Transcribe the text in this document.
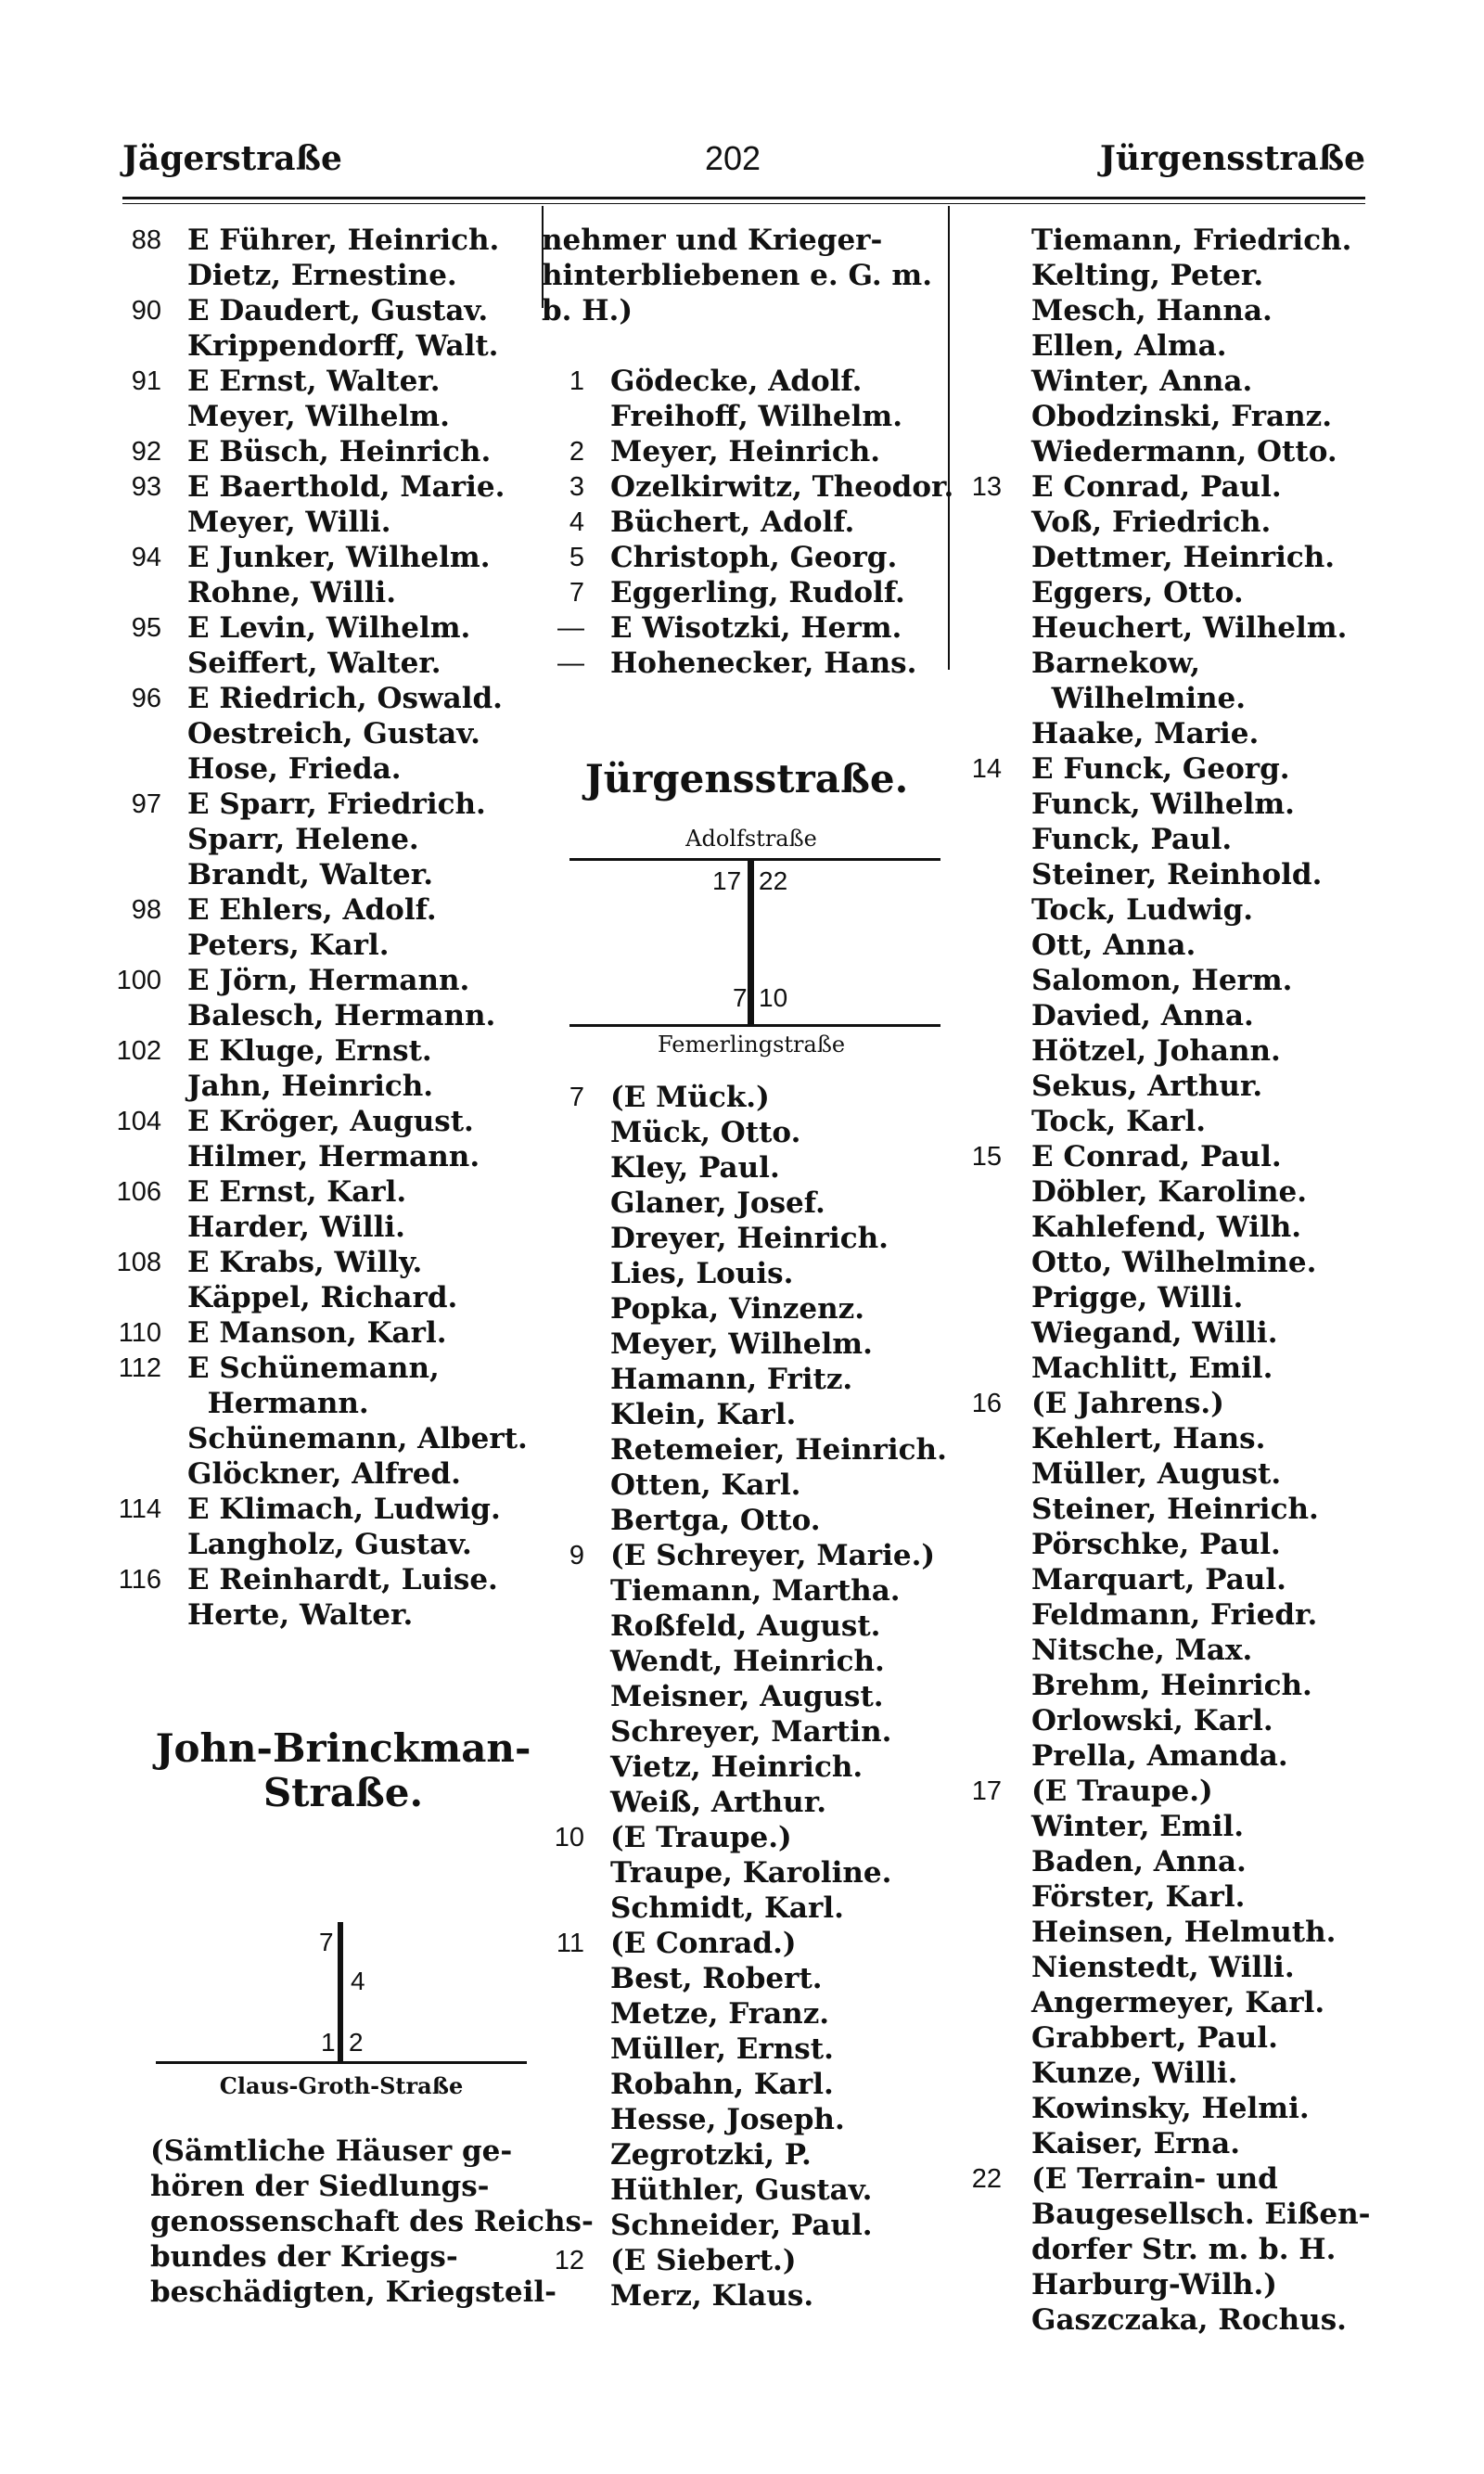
Jägerstraße	202	Jürgensstraße
88 E Führer, Heinrich.
Dietz, Ernestine.
90 E Daudert, Gustav.
Krippendorff, Walt.
91 E Ernst, Walter.
Meyer, Wilhelm.
92 E Büsch, Heinrich.
93 E Baerthold, Marie.
Meyer, Willi.
94 E Junker, Wilhelm.
Rohne, Willi.
95 E Levin, Wilhelm.
Seiffert, Walter.
96 E Riedrich, Oswald.
Oestreich, Gustav.
Hose, Frieda.
97 E Sparr, Friedrich.
Sparr, Helene.
Brandt, Walter.
98 E Ehlers, Adolf.
Peters, Karl.
100 E Jörn, Hermann.
Balesch, Hermann.
102 E Kluge, Ernst.
Jahn, Heinrich.
104 E Kröger, August.
Hilmer, Hermann.
106 E Ernst, Karl.
Harder, Willi.
108 E Krabs, Willy.
Käppel, Richard.
110 E Manson, Karl.
112 E Schünemann,
Hermann.
Schünemann, Albert.
Glöckner, Alfred.
114 E Klimach, Ludwig.
Langholz, Gustav.
116 E Reinhardt, Luise.
Herte, Walter.
John-Brinckman-
Straße.
7
4
1 2
Claus-Groth-Straße
(Sämtliche Häuser ge-
hören der Siedlungs-
genossenschaft des Reichs-
bundes der Kriegs-
beschädigten, Kriegsteil-
nehmer und Krieger-
hinterbliebenen e. G. m.
b. H.)
1 Gödecke, Adolf.
Freihoff, Wilhelm.
2 Meyer, Heinrich.
3 Ozelkirwitz, Theodor.
4 Büchert, Adolf.
5 Christoph, Georg.
7 Eggerling, Rudolf.
— E Wisotzki, Herm.
— Hohenecker, Hans.
Jürgensstraße.
Adolfstraße
17 22
7 10
Femerlingstraße
7 (E Mück.)
Mück, Otto.
Kley, Paul.
Glaner, Josef.
Dreyer, Heinrich.
Lies, Louis.
Popka, Vinzenz.
Meyer, Wilhelm.
Hamann, Fritz.
Klein, Karl.
Retemeier, Heinrich.
Otten, Karl.
Bertga, Otto.
9 (E Schreyer, Marie.)
Tiemann, Martha.
Roßfeld, August.
Wendt, Heinrich.
Meisner, August.
Schreyer, Martin.
Vietz, Heinrich.
Weiß, Arthur.
10 (E Traupe.)
Traupe, Karoline.
Schmidt, Karl.
11 (E Conrad.)
Best, Robert.
Metze, Franz.
Müller, Ernst.
Robahn, Karl.
Hesse, Joseph.
Zegrotzki, P.
Hüthler, Gustav.
Schneider, Paul.
12 (E Siebert.)
Merz, Klaus.
Tiemann, Friedrich.
Kelting, Peter.
Mesch, Hanna.
Ellen, Alma.
Winter, Anna.
Obodzinski, Franz.
Wiedermann, Otto.
13 E Conrad, Paul.
Voß, Friedrich.
Dettmer, Heinrich.
Eggers, Otto.
Heuchert, Wilhelm.
Barnekow,
Wilhelmine.
Haake, Marie.
14 E Funck, Georg.
Funck, Wilhelm.
Funck, Paul.
Steiner, Reinhold.
Tock, Ludwig.
Ott, Anna.
Salomon, Herm.
Davied, Anna.
Hötzel, Johann.
Sekus, Arthur.
Tock, Karl.
15 E Conrad, Paul.
Döbler, Karoline.
Kahlefend, Wilh.
Otto, Wilhelmine.
Prigge, Willi.
Wiegand, Willi.
Machlitt, Emil.
16 (E Jahrens.)
Kehlert, Hans.
Müller, August.
Steiner, Heinrich.
Pörschke, Paul.
Marquart, Paul.
Feldmann, Friedr.
Nitsche, Max.
Brehm, Heinrich.
Orlowski, Karl.
Prella, Amanda.
17 (E Traupe.)
Winter, Emil.
Baden, Anna.
Förster, Karl.
Heinsen, Helmuth.
Nienstedt, Willi.
Angermeyer, Karl.
Grabbert, Paul.
Kunze, Willi.
Kowinsky, Helmi.
Kaiser, Erna.
22 (E Terrain- und
Baugesellsch. Eißen-
dorfer Str. m. b. H.
Harburg-Wilh.)
Gaszczaka, Rochus.
